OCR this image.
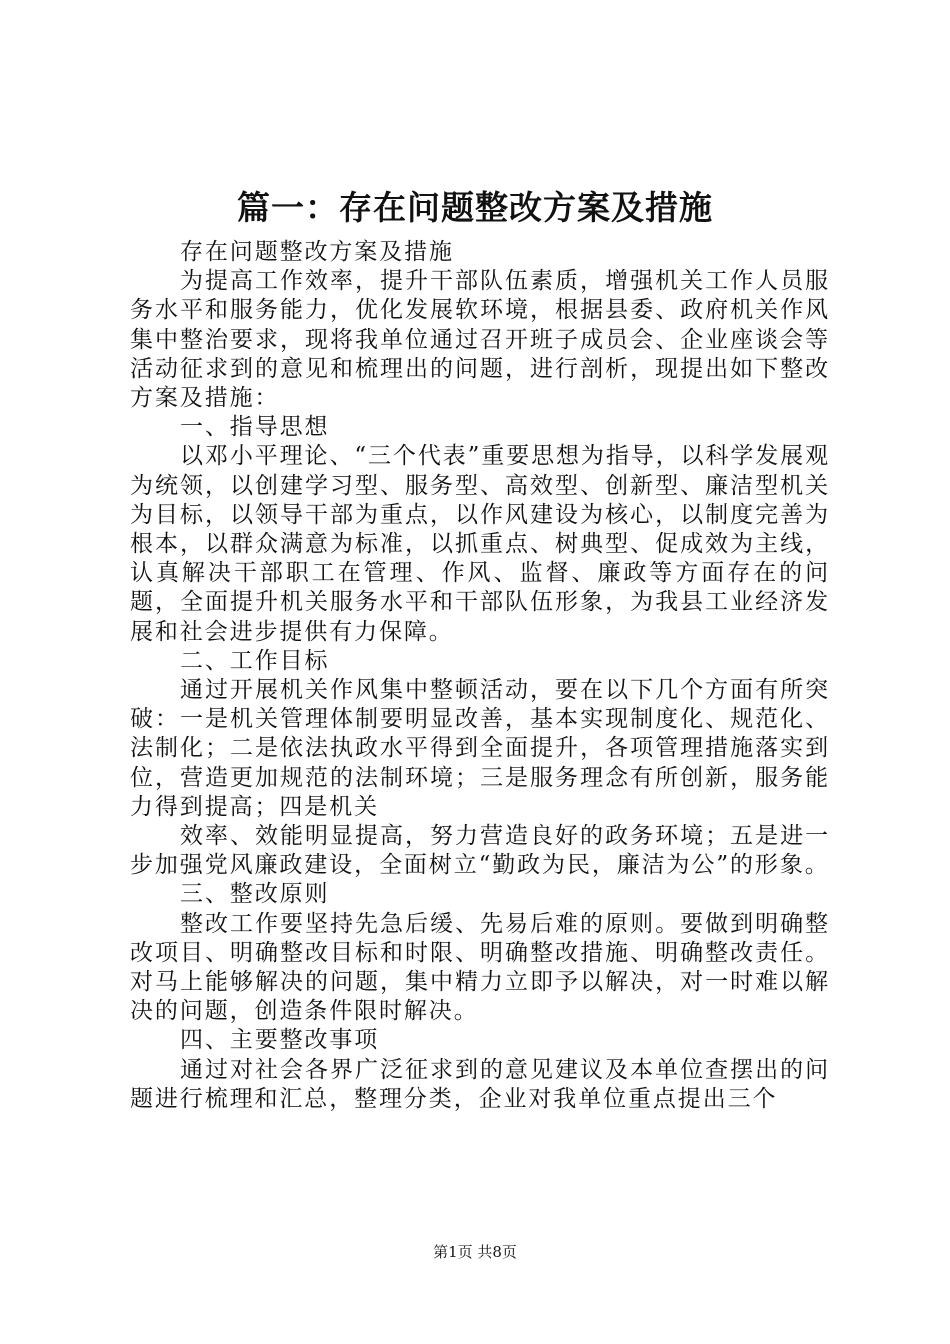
篇一：存在问题整改方案及措施

存在问题整改方案及措施

为提高工作效率，提升干部队伍素质，增强机关工作人员服务水平和服务能力，优化发展软环境，根据县委、政府机关作风集中整治要求，现将我单位通过召开班子成员会、企业座谈会等活动征求到的意见和梳理出的问题，进行剖析，现提出如下整改方案及措施：

一、指导思想

以邓小平理论、“三个代表”重要思想为指导，以科学发展观为统领，以创建学习型、服务型、高效型、创新型、廉洁型机关为目标，以领导干部为重点，以作风建设为核心，以制度完善为根本，以群众满意为标准，以抓重点、树典型、促成效为主线，认真解决干部职工在管理、作风、监督、廉政等方面存在的问题，全面提升机关服务水平和干部队伍形象，为我县工业经济发展和社会进步提供有力保障。

二、工作目标

通过开展机关作风集中整顿活动，要在以下几个方面有所突破：一是机关管理体制要明显改善，基本实现制度化、规范化、法制化；二是依法执政水平得到全面提升，各项管理措施落实到位，营造更加规范的法制环境；三是服务理念有所创新，服务能力得到提高；四是机关

效率、效能明显提高，努力营造良好的政务环境；五是进一步加强党风廉政建设，全面树立“勤政为民，廉洁为公”的形象。

三、整改原则

整改工作要坚持先急后缓、先易后难的原则。要做到明确整改项目、明确整改目标和时限、明确整改措施、明确整改责任。对马上能够解决的问题，集中精力立即予以解决，对一时难以解决的问题，创造条件限时解决。

四、主要整改事项

通过对社会各界广泛征求到的意见建议及本单位查摆出的问题进行梳理和汇总，整理分类，企业对我单位重点提出三个

第1页 共8页
